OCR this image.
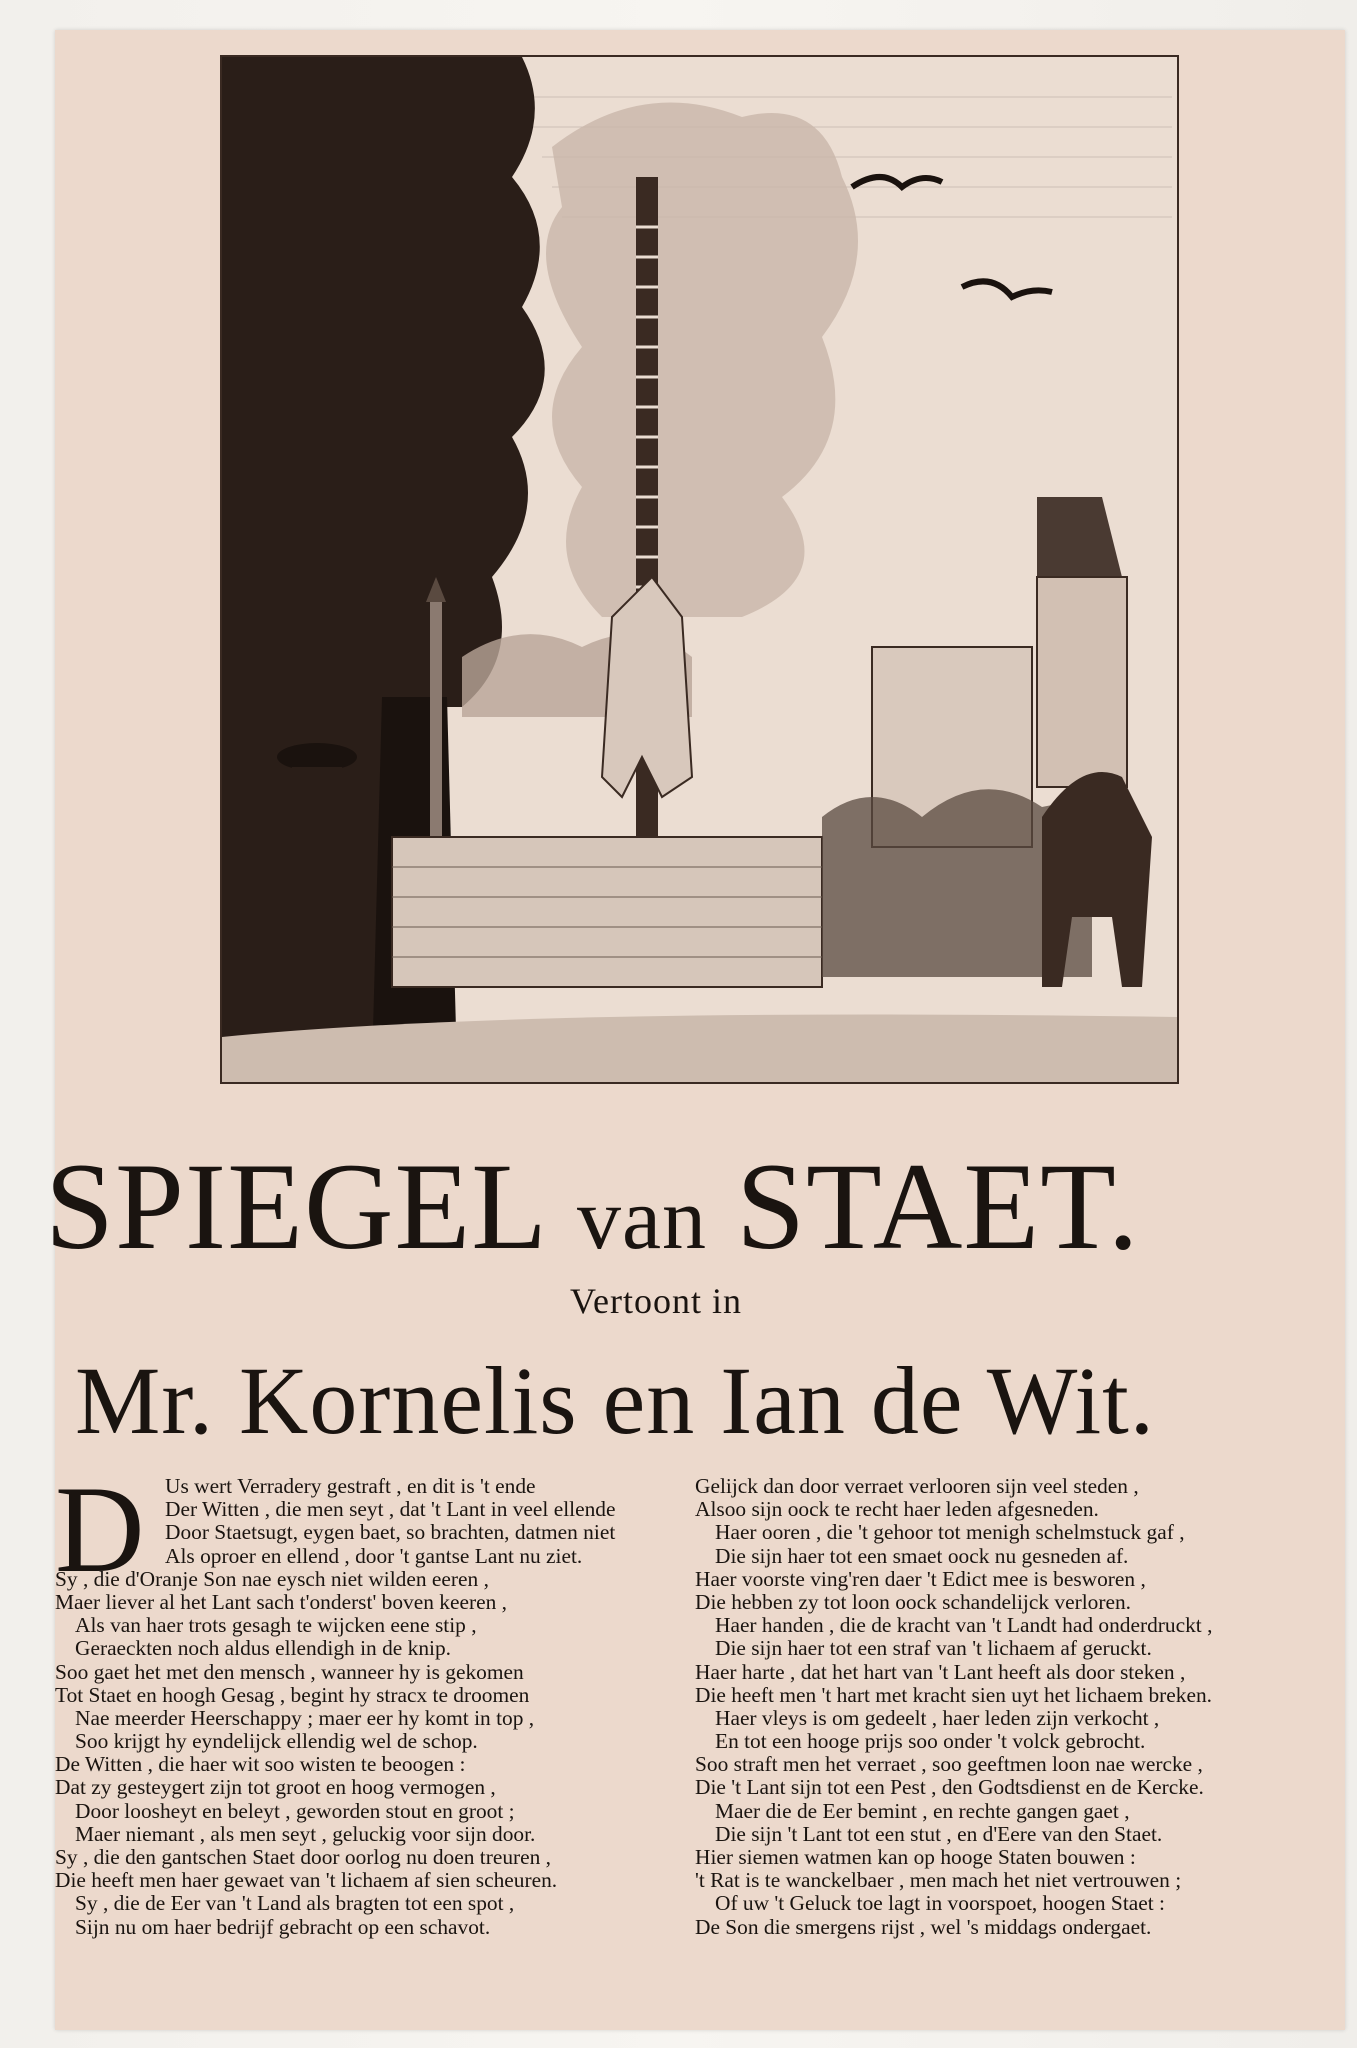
SPIEGEL van STAET.
Vertoont in
Mr. Kornelis en Ian de Wit.
D Us wert Verradery gestraft , en dit is 't ende
Der Witten , die men seyt , dat 't Lant in veel ellende
Door Staetsugt, eygen baet, so brachten, datmen niet
Als oproer en ellend , door 't gantse Lant nu ziet.
Sy , die d'Oranje Son nae eysch niet wilden eeren ,
Maer liever al het Lant sach t'onderst' boven keeren ,
Als van haer trots gesagh te wijcken eene stip ,
Geraeckten noch aldus ellendigh in de knip.
Soo gaet het met den mensch , wanneer hy is gekomen
Tot Staet en hoogh Gesag , begint hy stracx te droomen
Nae meerder Heerschappy ; maer eer hy komt in top ,
Soo krijgt hy eyndelijck ellendig wel de schop.
De Witten , die haer wit soo wisten te beoogen :
Dat zy gesteygert zijn tot groot en hoog vermogen ,
Door loosheyt en beleyt , geworden stout en groot ;
Maer niemant , als men seyt , geluckig voor sijn door.
Sy , die den gantschen Staet door oorlog nu doen treuren ,
Die heeft men haer gewaet van 't lichaem af sien scheuren.
Sy , die de Eer van 't Land als bragten tot een spot ,
Sijn nu om haer bedrijf gebracht op een schavot.
Gelijck dan door verraet verlooren sijn veel steden ,
Alsoo sijn oock te recht haer leden afgesneden.
Haer ooren , die 't gehoor tot menigh schelmstuck gaf ,
Die sijn haer tot een smaet oock nu gesneden af.
Haer voorste ving'ren daer 't Edict mee is besworen ,
Die hebben zy tot loon oock schandelijck verloren.
Haer handen , die de kracht van 't Landt had onderdruckt ,
Die sijn haer tot een straf van 't lichaem af geruckt.
Haer harte , dat het hart van 't Lant heeft als door steken ,
Die heeft men 't hart met kracht sien uyt het lichaem breken.
Haer vleys is om gedeelt , haer leden zijn verkocht ,
En tot een hooge prijs soo onder 't volck gebrocht.
Soo straft men het verraet , soo geeftmen loon nae wercke ,
Die 't Lant sijn tot een Pest , den Godtsdienst en de Kercke.
Maer die de Eer bemint , en rechte gangen gaet ,
Die sijn 't Lant tot een stut , en d'Eere van den Staet.
Hier siemen watmen kan op hooge Staten bouwen :
't Rat is te wanckelbaer , men mach het niet vertrouwen ;
Of uw 't Geluck toe lagt in voorspoet, hoogen Staet :
De Son die smergens rijst , wel 's middags ondergaet.
